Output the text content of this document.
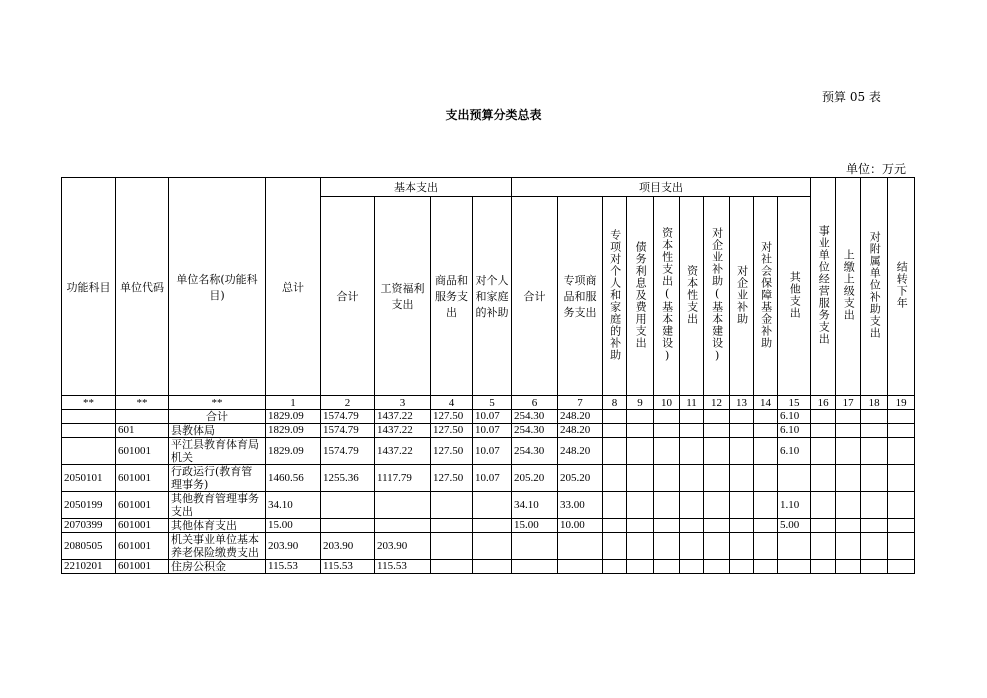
预算 05 表
支出预算分类总表
单位：万元
功能科目	单位代码	单位名称(功能科目)	总计	基本支出				项目支出										事业单位经营服务支出	上缴上级支出	对附属单位补助支出	结转下年
				合计	工资福利支出	商品和服务支出	对个人和家庭的补助	合计	专项商品和服务支出	专项对个人和家庭的补助	债务利息及费用支出	资本性支出(基本建设)	资本性支出	对企业补助(基本建设)	对企业补助	对社会保障基金补助	其他支出				
**	**	**	1	2	3	4	5	6	7	8	9	10	11	12	13	14	15	16	17	18	19
		合计	1829.09	1574.79	1437.22	127.50	10.07	254.30	248.20								6.10				
	601	县教体局	1829.09	1574.79	1437.22	127.50	10.07	254.30	248.20								6.10				
	601001	平江县教育体育局机关	1829.09	1574.79	1437.22	127.50	10.07	254.30	248.20								6.10				
2050101	601001	行政运行(教育管理事务)	1460.56	1255.36	1117.79	127.50	10.07	205.20	205.20												
2050199	601001	其他教育管理事务支出	34.10					34.10	33.00								1.10				
2070399	601001	其他体育支出	15.00					15.00	10.00								5.00				
2080505	601001	机关事业单位基本养老保险缴费支出	203.90	203.90	203.90																
2210201	601001	住房公积金	115.53	115.53	115.53																
